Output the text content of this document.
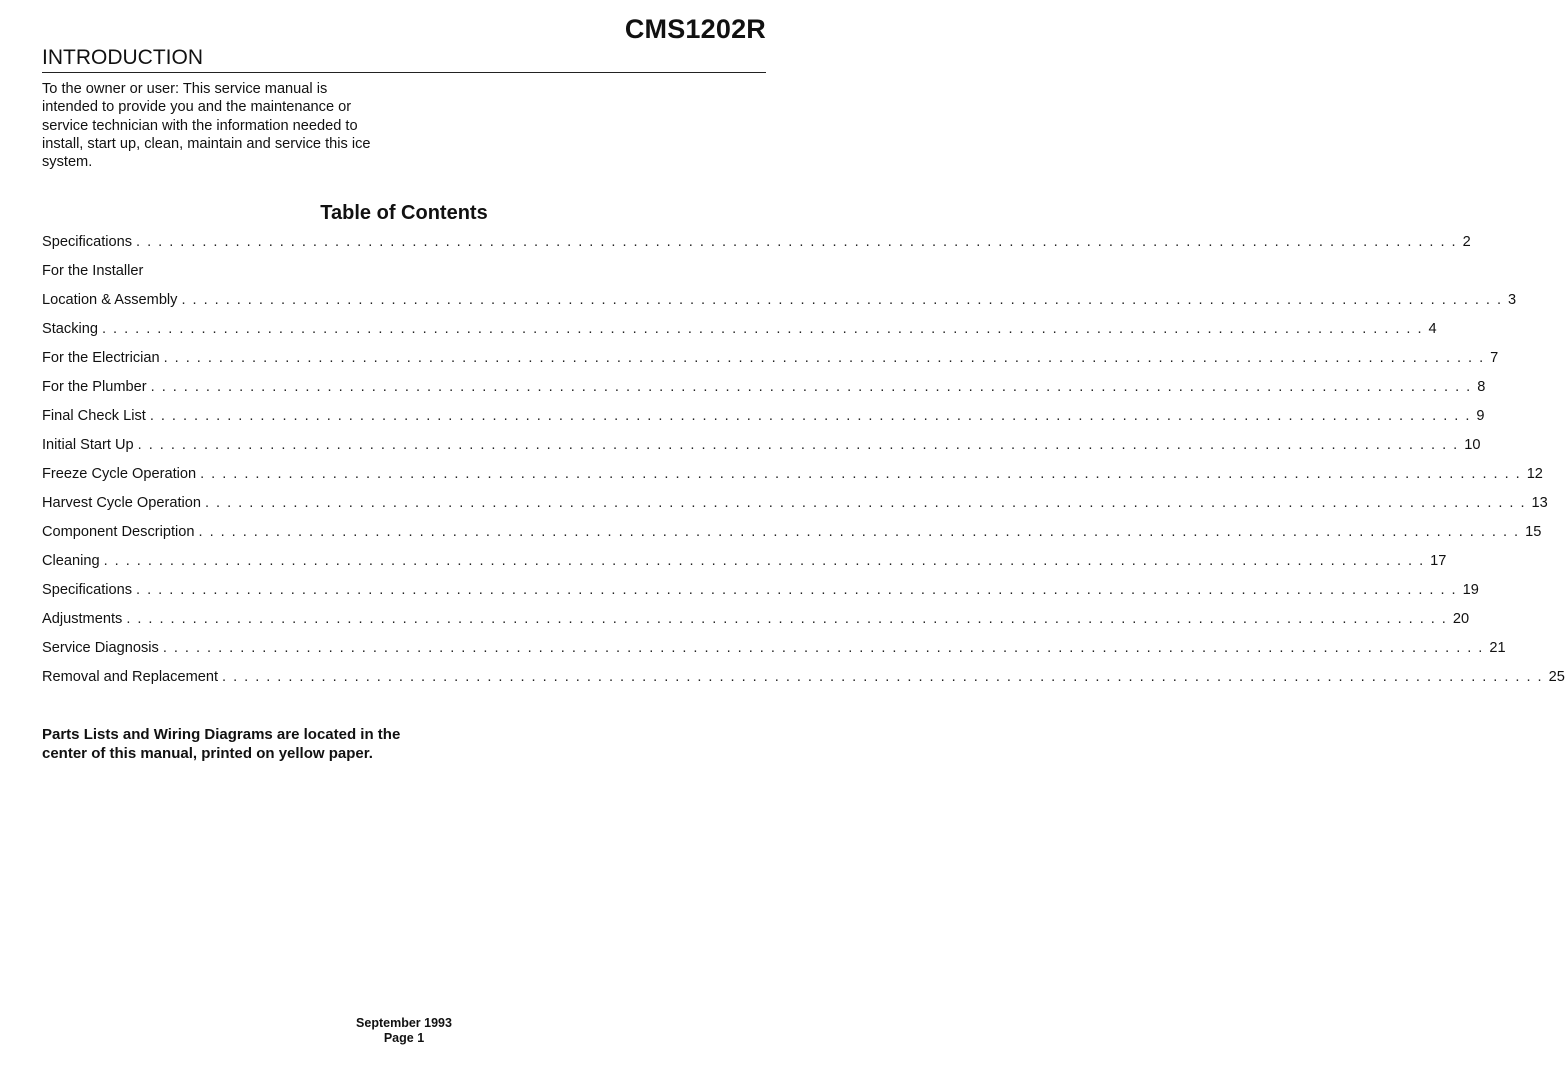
CMS1202R
INTRODUCTION

To the owner or user: This service manual is intended to provide you and the maintenance or service technician with the information needed to install, start up, clean, maintain and service this ice system.

Table of Contents
Specifications ........................................................................................................................ 2
For the Installer
Location & Assembly ........................................................................................................................ 3
Stacking ........................................................................................................................ 4
For the Electrician ........................................................................................................................ 7
For the Plumber ........................................................................................................................ 8
Final Check List ........................................................................................................................ 9
Initial Start Up ........................................................................................................................ 10
Freeze Cycle Operation ........................................................................................................................ 12
Harvest Cycle Operation ........................................................................................................................ 13
Component Description ........................................................................................................................ 15
Cleaning ........................................................................................................................ 17
Specifications ........................................................................................................................ 19
Adjustments ........................................................................................................................ 20
Service Diagnosis ........................................................................................................................ 21
Removal and Replacement ........................................................................................................................ 25

Parts Lists and Wiring Diagrams are located in the center of this manual, printed on yellow paper.

September 1993
Page 1
